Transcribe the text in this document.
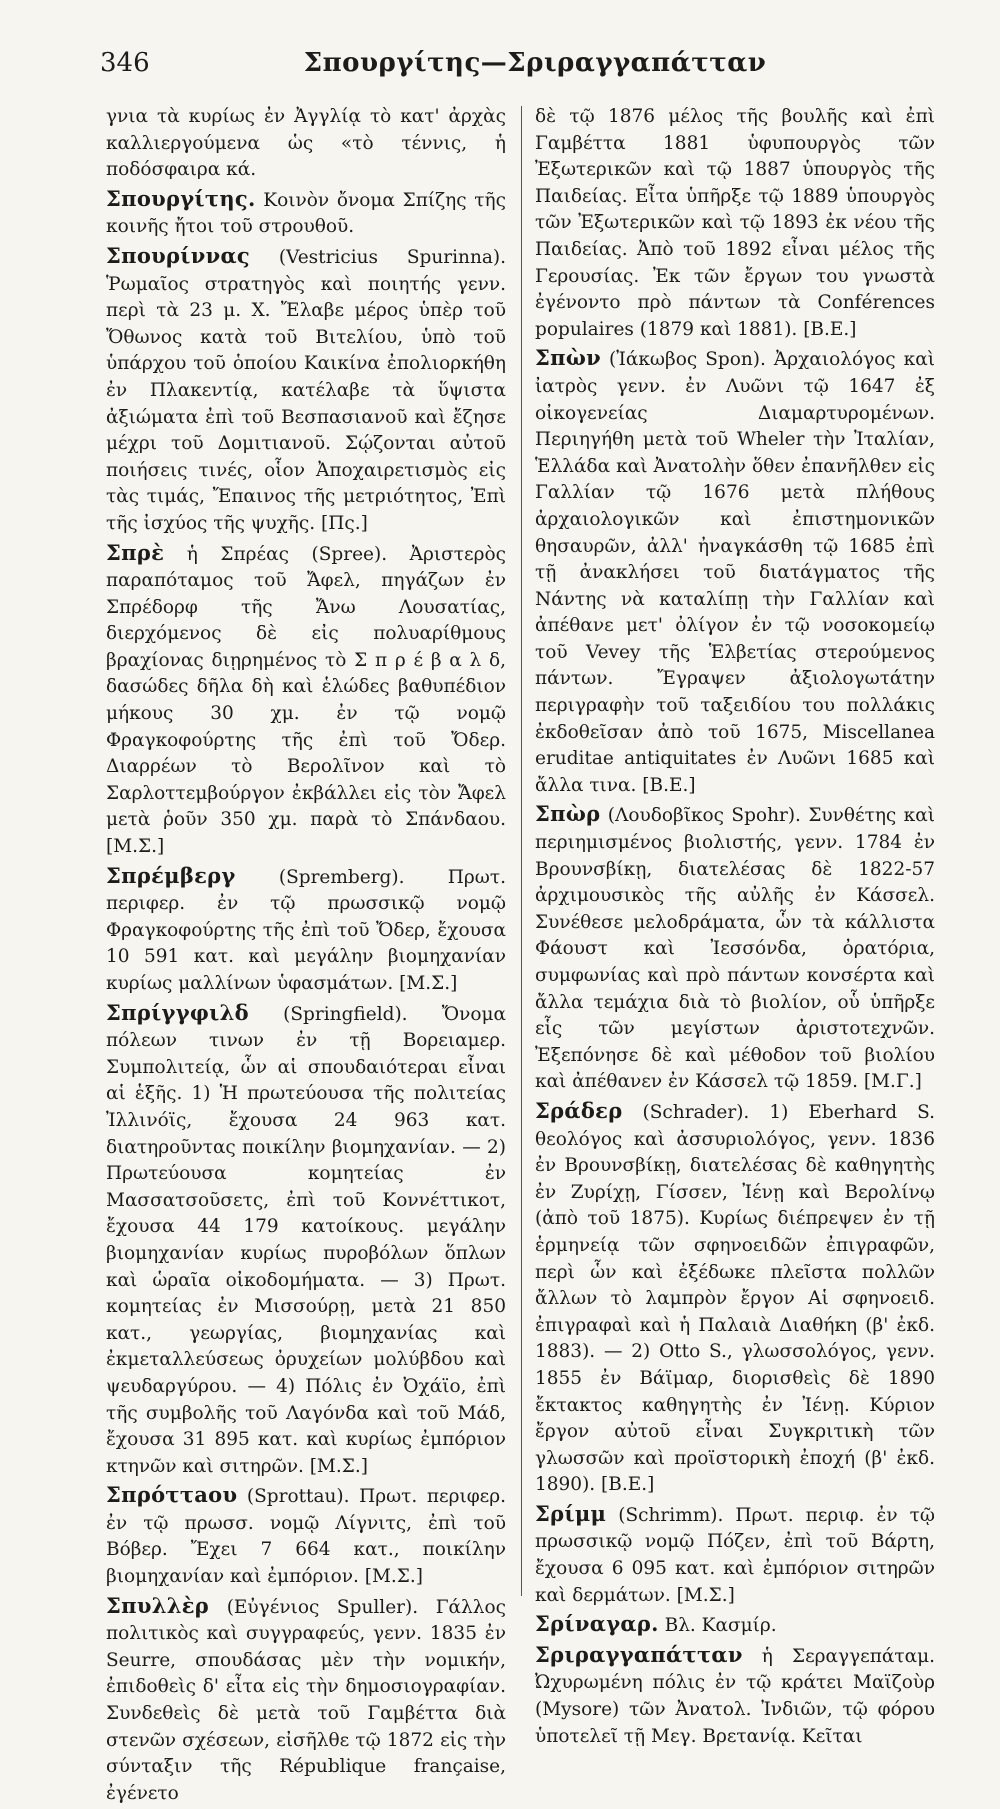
346	Σπουργίτης—Σριραγγαπάτταν

γνια τὰ κυρίως ἐν Ἀγγλίᾳ τὸ κατ' ἀρχὰς καλλιεργούμενα ὡς «τὸ τέννις, ἡ ποδόσφαιρα κά.

Σπουργίτης. Κοινὸν ὄνομα Σπίζης τῆς κοινῆς ἤτοι τοῦ στρουθοῦ.

Σπουρίννας (Vestricius Spurinna). Ῥωμαῖος στρατηγὸς καὶ ποιητής γενν. περὶ τὰ 23 μ. Χ. Ἔλαβε μέρος ὑπὲρ τοῦ Ὄθωνος κατὰ τοῦ Βιτελίου, ὑπὸ τοῦ ὑπάρχου τοῦ ὁποίου Καικίνα ἐπολιορκήθη ἐν Πλακεντίᾳ, κατέλαβε τὰ ὕψιστα ἀξιώματα ἐπὶ τοῦ Βεσπασιανοῦ καὶ ἔζησε μέχρι τοῦ Δομιτιανοῦ. Σῴζονται αὐτοῦ ποιήσεις τινές, οἷον Ἀποχαιρετισμὸς εἰς τὰς τιμάς, Ἔπαινος τῆς μετριότητος, Ἐπὶ τῆς ἰσχύος τῆς ψυχῆς. [Πς.]

Σπρὲ ἡ Σπρέας (Spree). Ἀριστερὸς παραπόταμος τοῦ Ἄφελ, πηγάζων ἐν Σπρέδορφ τῆς Ἄνω Λουσατίας, διερχόμενος δὲ εἰς πολυαρίθμους βραχίονας διῃρημένος τὸ Σ π ρ έ β α λ δ, δασώδες δῆλα δὴ καὶ ἑλώδες βαθυπέδιον μήκους 30 χμ. ἐν τῷ νομῷ Φραγκοφούρτης τῆς ἐπὶ τοῦ Ὄδερ. Διαρρέων τὸ Βερολῖνον καὶ τὸ Σαρλοττεμβούργον ἐκβάλλει εἰς τὸν Ἄφελ μετὰ ῥοῦν 350 χμ. παρὰ τὸ Σπάνδαου. [Μ.Σ.]

Σπρέμβεργ (Spremberg). Πρωτ. περιφερ. ἐν τῷ πρωσσικῷ νομῷ Φραγκοφούρτης τῆς ἐπὶ τοῦ Ὄδερ, ἔχουσα 10 591 κατ. καὶ μεγάλην βιομηχανίαν κυρίως μαλλίνων ὑφασμάτων. [Μ.Σ.]

Σπρίγγφιλδ (Springfield). Ὄνομα πόλεων τινων ἐν τῇ Βορειαμερ. Συμπολιτείᾳ, ὧν αἱ σπουδαιότεραι εἶναι αἱ ἑξῆς. 1) Ἡ πρωτεύουσα τῆς πολιτείας Ἰλλινόϊς, ἔχουσα 24 963 κατ. διατηροῦντας ποικίλην βιομηχανίαν. — 2) Πρωτεύουσα κομητείας ἐν Μασσατσοῦσετς, ἐπὶ τοῦ Κοννέττικοτ, ἔχουσα 44 179 κατοίκους. μεγάλην βιομηχανίαν κυρίως πυροβόλων ὅπλων καὶ ὡραῖα οἰκοδομήματα. — 3) Πρωτ. κομητείας ἐν Μισσούρῃ, μετὰ 21 850 κατ., γεωργίας, βιομηχανίας καὶ ἐκμεταλλεύσεως ὀρυχείων μολύβδου καὶ ψευδαργύρου. — 4) Πόλις ἐν Ὀχάϊο, ἐπὶ τῆς συμβολῆς τοῦ Λαγόνδα καὶ τοῦ Μάδ, ἔχουσα 31 895 κατ. καὶ κυρίως ἐμπόριον κτηνῶν καὶ σιτηρῶν. [Μ.Σ.]

Σπρόττaου (Sprottau). Πρωτ. περιφερ. ἐν τῷ πρωσσ. νομῷ Λίγνιτς, ἐπὶ τοῦ Βόβερ. Ἔχει 7 664 κατ., ποικίλην βιομηχανίαν καὶ ἐμπόριον. [Μ.Σ.]

Σπυλλὲρ (Εὐγένιος Spuller). Γάλλος πολιτικὸς καὶ συγγραφεύς, γενν. 1835 ἐν Seurre, σπουδάσας μὲν τὴν νομικήν, ἐπιδοθεὶς δ' εἶτα εἰς τὴν δημοσιογραφίαν. Συνδεθεὶς δὲ μετὰ τοῦ Γαμβέττα διὰ στενῶν σχέσεων, εἰσῆλθε τῷ 1872 εἰς τὴν σύνταξιν τῆς République française, ἐγένετο

δὲ τῷ 1876 μέλος τῆς βουλῆς καὶ ἐπὶ Γαμβέττα 1881 ὑφυπουργὸς τῶν Ἐξωτερικῶν καὶ τῷ 1887 ὑπουργὸς τῆς Παιδείας. Εἶτα ὑπῆρξε τῷ 1889 ὑπουργὸς τῶν Ἐξωτερικῶν καὶ τῷ 1893 ἐκ νέου τῆς Παιδείας. Ἀπὸ τοῦ 1892 εἶναι μέλος τῆς Γερουσίας. Ἐκ τῶν ἔργων του γνωστὰ ἐγένοντο πρὸ πάντων τὰ Conférences populaires (1879 καὶ 1881). [Β.Ε.]

Σπὼν (Ἰάκωβος Spon). Ἀρχαιολόγος καὶ ἰατρὸς γενν. ἐν Λυῶνι τῷ 1647 ἐξ οἰκογενείας Διαμαρτυρομένων. Περιηγήθη μετὰ τοῦ Wheler τὴν Ἰταλίαν, Ἑλλάδα καὶ Ἀνατολὴν ὅθεν ἐπανῆλθεν εἰς Γαλλίαν τῷ 1676 μετὰ πλήθους ἀρχαιολογικῶν καὶ ἐπιστημονικῶν θησαυρῶν, ἀλλ' ἠναγκάσθη τῷ 1685 ἐπὶ τῇ ἀνακλήσει τοῦ διατάγματος τῆς Νάντης νὰ καταλίπῃ τὴν Γαλλίαν καὶ ἀπέθανε μετ' ὀλίγον ἐν τῷ νοσοκομείῳ τοῦ Vevey τῆς Ἑλβετίας στερούμενος πάντων. Ἔγραψεν ἀξιολογωτάτην περιγραφὴν τοῦ ταξειδίου του πολλάκις ἐκδοθεῖσαν ἀπὸ τοῦ 1675, Miscellanea eruditae antiquitates ἐν Λυῶνι 1685 καὶ ἄλλα τινα. [Β.Ε.]

Σπὼρ (Λουδοβῖκος Spohr). Συνθέτης καὶ περιημισμένος βιολιστής, γενν. 1784 ἐν Βρουνσβίκῃ, διατελέσας δὲ 1822-57 ἀρχιμουσικὸς τῆς αὐλῆς ἐν Κάσσελ. Συνέθεσε μελοδράματα, ὧν τὰ κάλλιστα Φάουστ καὶ Ἰεσσόνδα, ὀρατόρια, συμφωνίας καὶ πρὸ πάντων κονσέρτα καὶ ἄλλα τεμάχια διὰ τὸ βιολίον, οὗ ὑπῆρξε εἷς τῶν μεγίστων ἀριστοτεχνῶν. Ἐξεπόνησε δὲ καὶ μέθοδον τοῦ βιολίου καὶ ἀπέθανεν ἐν Κάσσελ τῷ 1859. [Μ.Γ.]

Σράδερ (Schrader). 1) Eberhard S. θεολόγος καὶ ἀσσυριολόγος, γενν. 1836 ἐν Βρουνσβίκῃ, διατελέσας δὲ καθηγητὴς ἐν Ζυρίχῃ, Γίσσεν, Ἰένῃ καὶ Βερολίνῳ (ἀπὸ τοῦ 1875). Κυρίως διέπρεψεν ἐν τῇ ἑρμηνείᾳ τῶν σφηνοειδῶν ἐπιγραφῶν, περὶ ὧν καὶ ἐξέδωκε πλεῖστα πολλῶν ἄλλων τὸ λαμπρὸν ἔργον Αἱ σφηνοειδ. ἐπιγραφαὶ καὶ ἡ Παλαιὰ Διαθήκη (β' ἐκδ. 1883). — 2) Otto S., γλωσσολόγος, γενν. 1855 ἐν Βάϊμαρ, διορισθεὶς δὲ 1890 ἔκτακτος καθηγητὴς ἐν Ἰένῃ. Κύριον ἔργον αὐτοῦ εἶναι Συγκριτικὴ τῶν γλωσσῶν καὶ προϊστορικὴ ἐποχή (β' ἐκδ. 1890). [Β.Ε.]

Σρίμμ (Schrimm). Πρωτ. περιφ. ἐν τῷ πρωσσικῷ νομῷ Πόζεν, ἐπὶ τοῦ Βάρτη, ἔχουσα 6 095 κατ. καὶ ἐμπόριον σιτηρῶν καὶ δερμάτων. [Μ.Σ.]

Σρίναγαρ. Βλ. Κασμίρ.

Σριραγγαπάτταν ἡ Σεραγγεπάταμ. Ὠχυρωμένη πόλις ἐν τῷ κράτει Μαϊζοὺρ (Mysore) τῶν Ἀνατολ. Ἰνδιῶν, τῷ φόρου ὑποτελεῖ τῇ Μεγ. Βρετανίᾳ. Κεῖται
